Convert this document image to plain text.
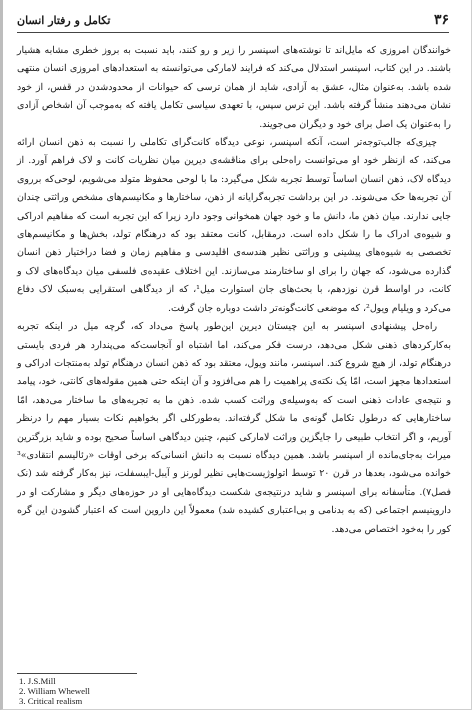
۳۶
تکامل و رفتار انسان

خوانندگان امروزی که مایل‌اند تا نوشته‌های اسپنسر را زیر و رو کنند، باید نسبت به بروز خطری مشابه هشیار باشند. در این کتاب، اسپنسر استدلال می‌کند که فرایند لامارکی می‌توانسته به استعدادهای امروزی انسان منتهی شده باشد. به‌عنوان مثال، عشق به آزادی، شاید از همان ترسی که حیوانات از محدودشدن در قفس، از خود نشان می‌دهند منشأ گرفته باشد. این ترس سپس، با تعهدی سیاسی تکامل یافته که به‌موجب آن اشخاص آزادی را به‌عنوان یک اصل برای خود و دیگران می‌جویند.

چیزی‌که جالب‌توجه‌تر است، آنکه اسپنسر، نوعی دیدگاه کانت‌گرای تکاملی را نسبت به ذهن انسان ارائه می‌کند، که ازنظر خود او می‌توانست راه‌حلی برای مناقشه‌ی دیرین میان نظریات کانت و لاک فراهم آورد. از دیدگاه لاک، ذهن انسان اساساً توسط تجربه شکل می‌گیرد: ما با لوحی محفوظ متولد می‌شویم، لوحی‌که برروی آن تجربه‌ها حک می‌شوند. در این برداشت تجربه‌گرایانه از ذهن، ساختارها و مکانیسم‌های مشخص وراثتی چندان جایی ندارند. میان ذهن ما، دانش ما و خود جهان همخوانی وجود دارد زیرا که این تجربه است که مفاهیم ادراکی و شیوه‌ی ادراک ما را شکل داده است. درمقابل، کانت معتقد بود که درهنگام تولد، بخش‌ها و مکانیسم‌های تخصصی به شیوه‌های پیشینی و وراثتی نظیر هندسه‌ی اقلیدسی و مفاهیم زمان و فضا دراختیار ذهن انسان گذارده می‌شود، که جهان را برای او ساختارمند می‌سازند. این اختلاف عقیده‌ی فلسفی میان دیدگاه‌های لاک و کانت، در اواسط قرن نوزدهم، با بحث‌های جان استوارت میل¹، که از دیدگاهی استقرایی به‌سبک لاک دفاع می‌کرد و ویلیام ویول²، که موضعی کانت‌گونه‌تر داشت دوباره جان گرفت.

راه‌حل پیشنهادی اسپنسر به این چیستان دیرین این‌طور پاسخ می‌داد که، گرچه میل در اینکه تجربه به‌کارکردهای ذهنی شکل می‌دهد، درست فکر می‌کند، اما اشتباه او آنجاست‌که می‌پندارد هر فردی بایستی درهنگام تولد، از هیچ شروع کند. اسپنسر، مانند ویول، معتقد بود که ذهن انسان درهنگام تولد به‌منتجات ادراکی و استعدادها مجهز است، امّا یک نکته‌ی پراهمیت را هم می‌افزود و آن اینکه حتی همین مقوله‌های کانتی، خود، پیامد و نتیجه‌ی عادات ذهنی است که به‌وسیله‌ی وراثت کسب شده. ذهن ما به تجربه‌های ما ساختار می‌دهد، امّا ساختارهایی که درطول تکامل گونه‌ی ما شکل گرفته‌اند. به‌طورکلی اگر بخواهیم نکات بسیار مهم را درنظر آوریم، و اگر انتخاب طبیعی را جایگزین وراثت لامارکی کنیم، چنین دیدگاهی اساساً صحیح بوده و شاید بزرگترین میراث به‌جای‌مانده از اسپنسر باشد. همین دیدگاه نسبت به دانش انسانی‌که برخی اوقات «رئالیسم انتقادی»³ خوانده می‌شود، بعدها در قرن ۲۰ توسط اتولوژیست‌هایی نظیر لورنز و آیبل-ایبسفلت، نیز به‌کار گرفته شد (نک فصل۷). متأسفانه برای اسپنسر و شاید درنتیجه‌ی شکست دیدگاه‌هایی او در حوزه‌های دیگر و مشارکت او در داروینیسم اجتماعی (که به بدنامی و بی‌اعتباری کشیده شد) معمولاً این داروین است که اعتبار گشودن این گره کور را به‌خود اختصاص می‌دهد.

1. J.S.Mill
2. William Whewell
3. Critical realism
